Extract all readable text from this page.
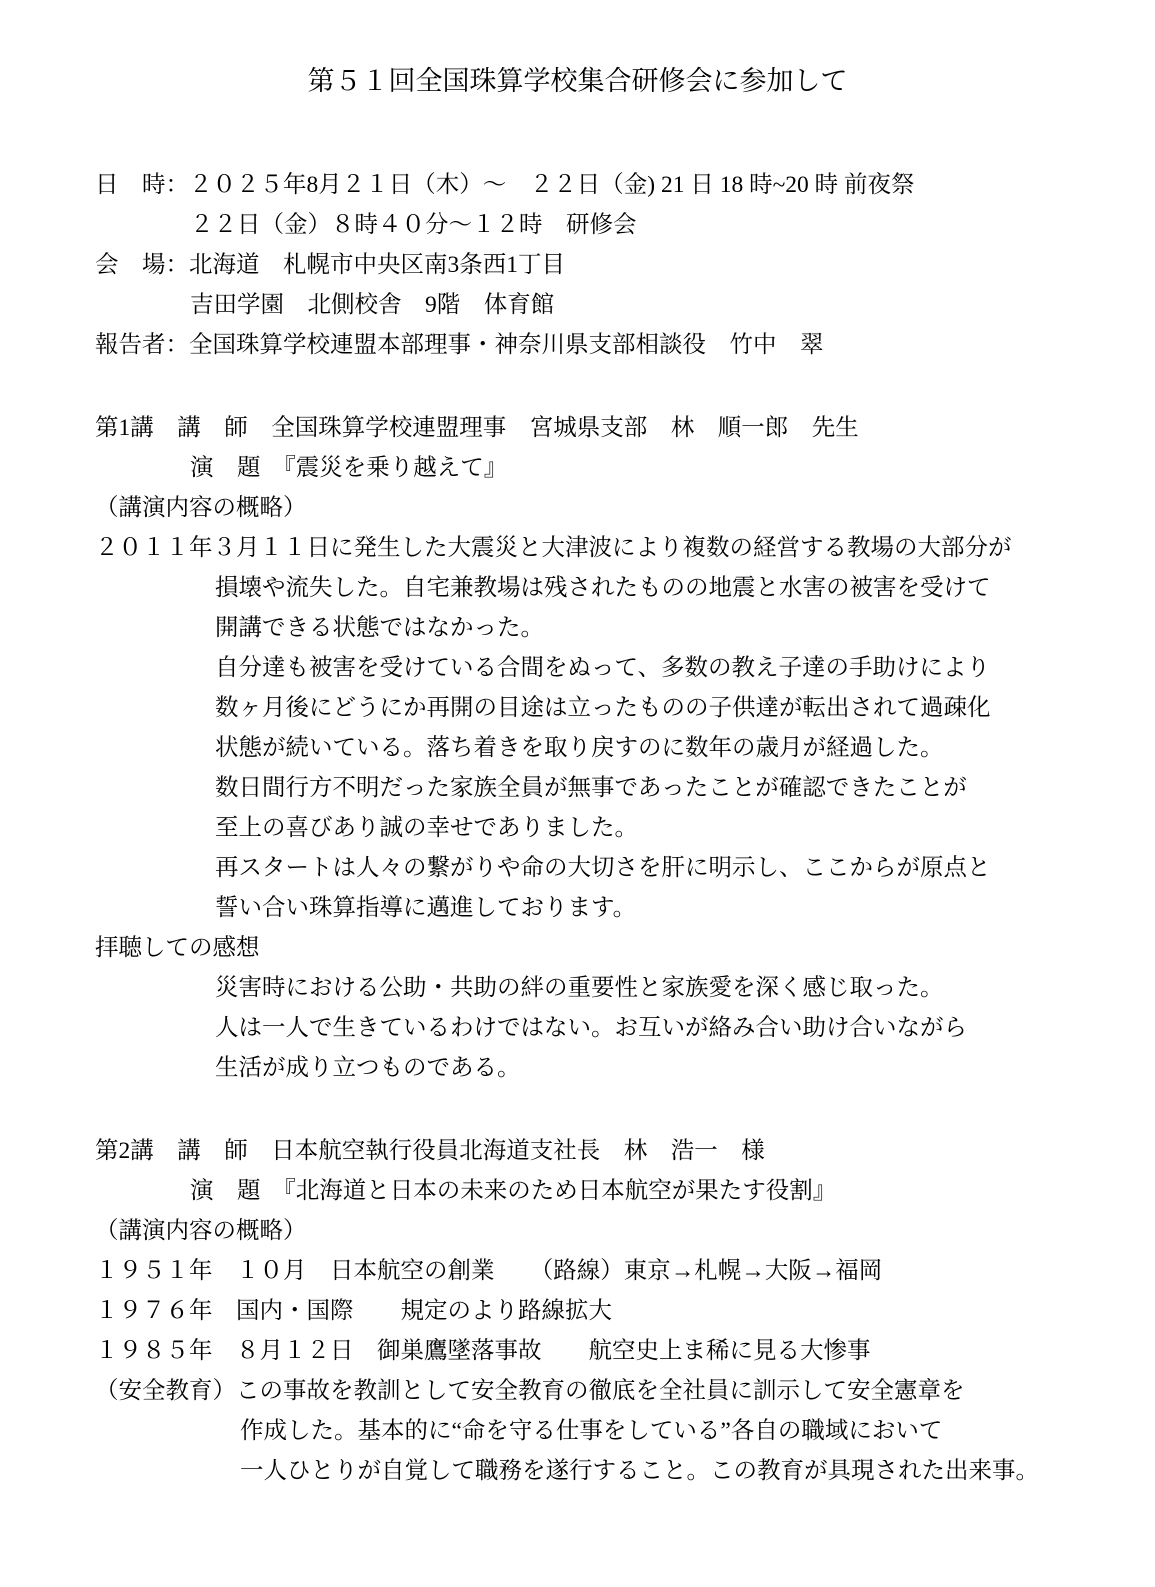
第５１回全国珠算学校集合研修会に参加して
日　時：２０２５年8月２１日（木）～　２２日（金) 21 日 18 時~20 時 前夜祭
２２日（金）８時４０分～１２時　研修会
会　場：北海道　札幌市中央区南3条西1丁目
吉田学園　北側校舎　9階　体育館
報告者：全国珠算学校連盟本部理事・神奈川県支部相談役　竹中　翠
第1講　講　師　全国珠算学校連盟理事　宮城県支部　林　順一郎　先生
演　題　『震災を乗り越えて』
（講演内容の概略）
２０１１年３月１１日に発生した大震災と大津波により複数の経営する教場の大部分が
損壊や流失した。自宅兼教場は残されたものの地震と水害の被害を受けて
開講できる状態ではなかった。
自分達も被害を受けている合間をぬって、多数の教え子達の手助けにより
数ヶ月後にどうにか再開の目途は立ったものの子供達が転出されて過疎化
状態が続いている。落ち着きを取り戻すのに数年の歳月が経過した。
数日間行方不明だった家族全員が無事であったことが確認できたことが
至上の喜びあり誠の幸せでありました。
再スタートは人々の繋がりや命の大切さを肝に明示し、ここからが原点と
誓い合い珠算指導に邁進しております。
拝聴しての感想
災害時における公助・共助の絆の重要性と家族愛を深く感じ取った。
人は一人で生きているわけではない。お互いが絡み合い助け合いながら
生活が成り立つものである。
第2講　講　師　日本航空執行役員北海道支社長　林　浩一　様
演　題　『北海道と日本の未来のため日本航空が果たす役割』
（講演内容の概略）
１９５１年　１０月　日本航空の創業　　（路線）東京→札幌→大阪→福岡
１９７６年　国内・国際　　規定のより路線拡大
１９８５年　８月１２日　御巣鷹墜落事故　　航空史上ま稀に見る大惨事
（安全教育）この事故を教訓として安全教育の徹底を全社員に訓示して安全憲章を
作成した。基本的に“命を守る仕事をしている”各自の職域において
一人ひとりが自覚して職務を遂行すること。この教育が具現された出来事。
